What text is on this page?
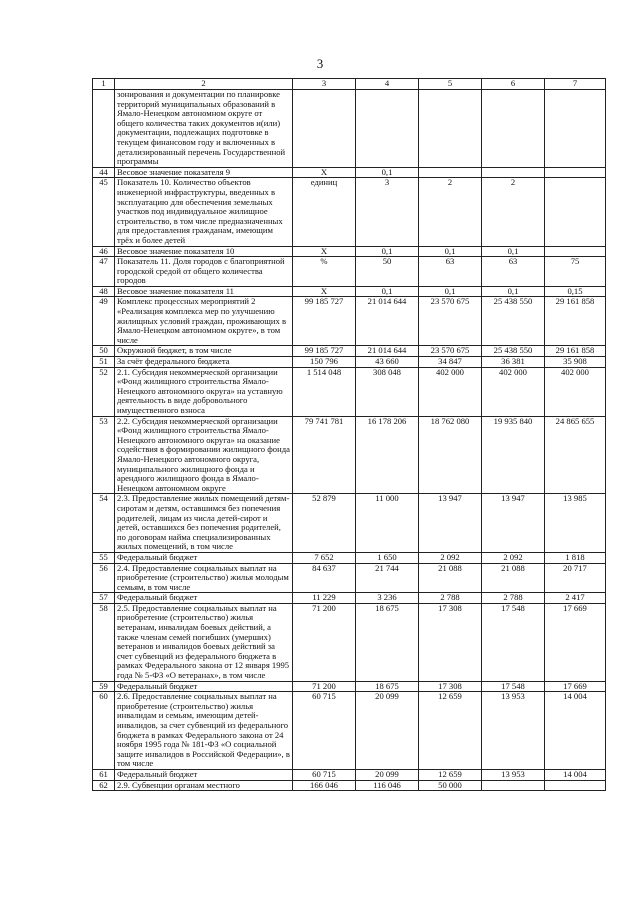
3
1	2	3	4	5	6	7
	зонирования и документации по планировке территорий муниципальных образований в Ямало-Ненецком автономном округе от общего количества таких документов и(или) документации, подлежащих подготовке в текущем финансовом году и включенных в детализированный перечень Государственной программы					
44	Весовое значение показателя 9	Х	0,1			
45	Показатель 10. Количество объектов инженерной инфраструктуры, введенных в эксплуатацию для обеспечения земельных участков под индивидуальное жилищное строительство, в том числе предназначенных для предоставления гражданам, имеющим трёх и более детей	единиц	3	2	2	
46	Весовое значение показателя 10	Х	0,1	0,1	0,1	
47	Показатель 11. Доля городов с благоприятной городской средой от общего количества городов	%	50	63	63	75
48	Весовое значение показателя 11	Х	0,1	0,1	0,1	0,15
49	Комплекс процессных мероприятий 2 «Реализация комплекса мер по улучшению жилищных условий граждан, проживающих в Ямало-Ненецком автономном округе», в том числе	99 185 727	21 014 644	23 570 675	25 438 550	29 161 858
50	Окружной бюджет, в том числе	99 185 727	21 014 644	23 570 675	25 438 550	29 161 858
51	За счёт федерального бюджета	150 796	43 660	34 847	36 381	35 908
52	2.1. Субсидия некоммерческой организации «Фонд жилищного строительства Ямало-Ненецкого автономного округа» на уставную деятельность в виде добровольного имущественного взноса	1 514 048	308 048	402 000	402 000	402 000
53	2.2. Субсидия некоммерческой организации «Фонд жилищного строительства Ямало-Ненецкого автономного округа» на оказание содействия в формировании жилищного фонда Ямало-Ненецкого автономного округа, муниципального жилищного фонда и арендного жилищного фонда в Ямало-Ненецком автономном округе	79 741 781	16 178 206	18 762 080	19 935 840	24 865 655
54	2.3. Предоставление жилых помещений детям-сиротам и детям, оставшимся без попечения родителей, лицам из числа детей-сирот и детей, оставшихся без попечения родителей, по договорам найма специализированных жилых помещений, в том числе	52 879	11 000	13 947	13 947	13 985
55	Федеральный бюджет	7 652	1 650	2 092	2 092	1 818
56	2.4. Предоставление социальных выплат на приобретение (строительство) жилья молодым семьям, в том числе	84 637	21 744	21 088	21 088	20 717
57	Федеральный бюджет	11 229	3 236	2 788	2 788	2 417
58	2.5. Предоставление социальных выплат на приобретение (строительство) жилья ветеранам, инвалидам боевых действий, а также членам семей погибших (умерших) ветеранов и инвалидов боевых действий за счет субвенций из федерального бюджета в рамках Федерального закона от 12 января 1995 года № 5-ФЗ «О ветеранах», в том числе	71 200	18 675	17 308	17 548	17 669
59	Федеральный бюджет	71 200	18 675	17 308	17 548	17 669
60	2.6. Предоставление социальных выплат на приобретение (строительство) жилья инвалидам и семьям, имеющим детей-инвалидов, за счет субвенций из федерального бюджета в рамках Федерального закона от 24 ноября 1995 года № 181-ФЗ «О социальной защите инвалидов в Российской Федерации», в том числе	60 715	20 099	12 659	13 953	14 004
61	Федеральный бюджет	60 715	20 099	12 659	13 953	14 004
62	2.9. Субвенции органам местного	166 046	116 046	50 000		
